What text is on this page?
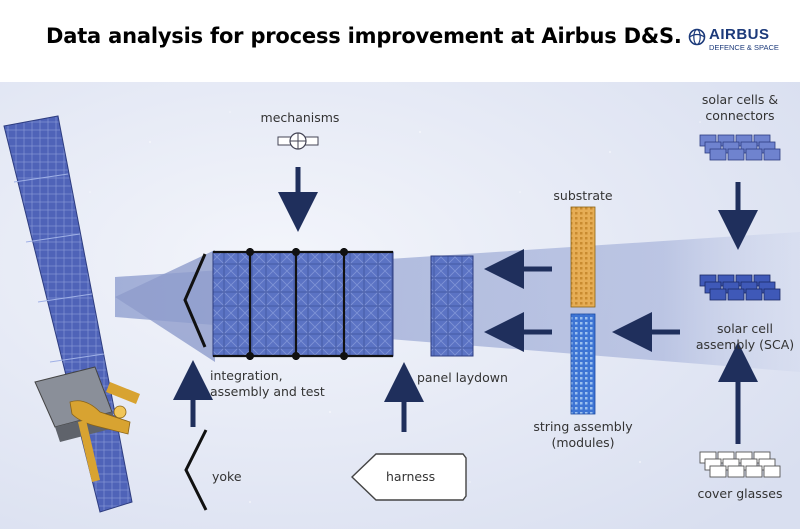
Data analysis for process improvement at Airbus D&S. AIRBUS
DEFENCE & SPACE
mechanisms
solar cells &
connectors
substrate
integration,
assembly and test
panel laydown
string assembly
(modules)
solar cell
assembly (SCA)
yoke	harness
cover glasses
